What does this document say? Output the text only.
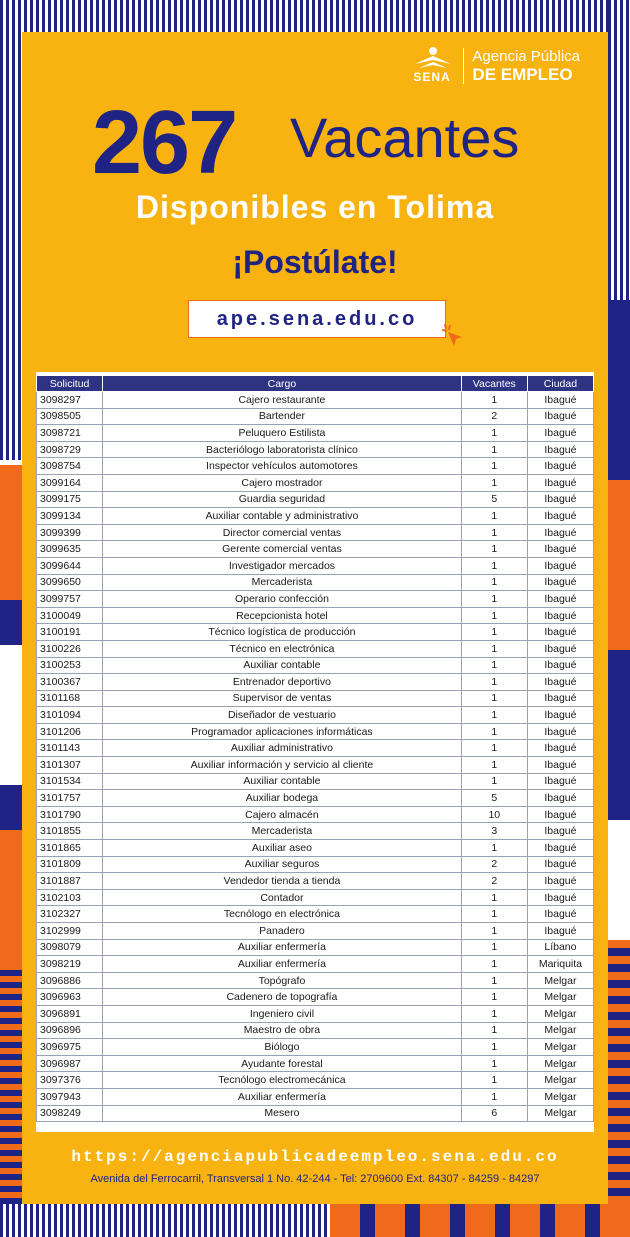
SENA
Agencia Pública
DE EMPLEO
267 Vacantes
Disponibles en Tolima
¡Postúlate!
ape.sena.edu.co
Solicitud	Cargo	Vacantes	Ciudad
3098297	Cajero restaurante	1	Ibagué
3098505	Bartender	2	Ibagué
3098721	Peluquero Estilista	1	Ibagué
3098729	Bacteriólogo laboratorista clínico	1	Ibagué
3098754	Inspector vehículos automotores	1	Ibagué
3099164	Cajero mostrador	1	Ibagué
3099175	Guardia seguridad	5	Ibagué
3099134	Auxiliar contable y administrativo	1	Ibagué
3099399	Director comercial ventas	1	Ibagué
3099635	Gerente comercial ventas	1	Ibagué
3099644	Investigador mercados	1	Ibagué
3099650	Mercaderista	1	Ibagué
3099757	Operario confección	1	Ibagué
3100049	Recepcionista hotel	1	Ibagué
3100191	Técnico logística de producción	1	Ibagué
3100226	Técnico en electrónica	1	Ibagué
3100253	Auxiliar contable	1	Ibagué
3100367	Entrenador deportivo	1	Ibagué
3101168	Supervisor de ventas	1	Ibagué
3101094	Diseñador de vestuario	1	Ibagué
3101206	Programador aplicaciones informáticas	1	Ibagué
3101143	Auxiliar administrativo	1	Ibagué
3101307	Auxiliar información y servicio al cliente	1	Ibagué
3101534	Auxiliar contable	1	Ibagué
3101757	Auxiliar bodega	5	Ibagué
3101790	Cajero almacén	10	Ibagué
3101855	Mercaderista	3	Ibagué
3101865	Auxiliar aseo	1	Ibagué
3101809	Auxiliar seguros	2	Ibagué
3101887	Vendedor tienda a tienda	2	Ibagué
3102103	Contador	1	Ibagué
3102327	Tecnólogo en electrónica	1	Ibagué
3102999	Panadero	1	Ibagué
3098079	Auxiliar enfermería	1	Líbano
3098219	Auxiliar enfermería	1	Mariquita
3096886	Topógrafo	1	Melgar
3096963	Cadenero de topografía	1	Melgar
3096891	Ingeniero civil	1	Melgar
3096896	Maestro de obra	1	Melgar
3096975	Biólogo	1	Melgar
3096987	Ayudante forestal	1	Melgar
3097376	Tecnólogo electromecánica	1	Melgar
3097943	Auxiliar enfermería	1	Melgar
3098249	Mesero	6	Melgar
https://agenciapublicadeempleo.sena.edu.co
Avenida del Ferrocarril, Transversal 1 No. 42-244 - Tel: 2709600 Ext. 84307 - 84259 - 84297
